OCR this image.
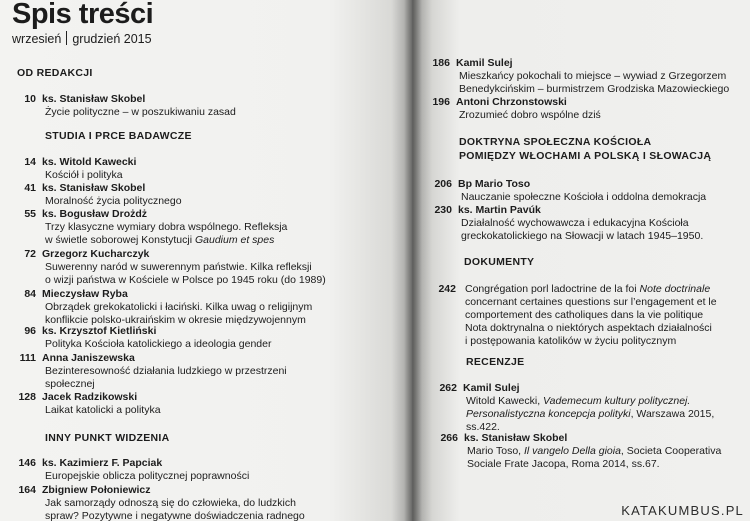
Spis treści
wrzesień grudzień 2015
OD REDAKCJI
10 ks. Stanisław Skobel
Życie polityczne – w poszukiwaniu zasad
STUDIA I PRCE BADAWCZE
14 ks. Witold Kawecki
Kościół i polityka
41 ks. Stanisław Skobel
Moralność życia politycznego
55 ks. Bogusław Drożdż
Trzy klasyczne wymiary dobra wspólnego. Refleksja
w świetle soborowej Konstytucji Gaudium et spes
72 Grzegorz Kucharczyk
Suwerenny naród w suwerennym państwie. Kilka refleksji
o wizji państwa w Kościele w Polsce po 1945 roku (do 1989)
84 Mieczysław Ryba
Obrządek grekokatolicki i łaciński. Kilka uwag o religijnym
konflikcie polsko-ukraińskim w okresie międzywojennym
96 ks. Krzysztof Kietliński
Polityka Kościoła katolickiego a ideologia gender
111 Anna Janiszewska
Bezinteresowność działania ludzkiego w przestrzeni
społecznej
128 Jacek Radzikowski
Laikat katolicki a polityka
INNY PUNKT WIDZENIA
146 ks. Kazimierz F. Papciak
Europejskie oblicza politycznej poprawności
164 Zbigniew Połoniewicz
Jak samorządy odnoszą się do człowieka, do ludzkich
spraw? Pozytywne i negatywne doświadczenia radnego
186 Kamil Sulej
Mieszkańcy pokochali to miejsce – wywiad z Grzegorzem
Benedykcińskim – burmistrzem Grodziska Mazowieckiego
196 Antoni Chrzonstowski
Zrozumieć dobro wspólne dziś
DOKTRYNA SPOŁECZNA KOŚCIOŁA
POMIĘDZY WŁOCHAMI A POLSKĄ I SŁOWACJĄ
206 Bp Mario Toso
Nauczanie społeczne Kościoła i oddolna demokracja
230 ks. Martin Pavúk
Działalność wychowawcza i edukacyjna Kościoła
greckokatolickiego na Słowacji w latach 1945–1950.
DOKUMENTY
242 Congrégation porl ladoctrine de la foi Note doctrinale
concernant certaines questions sur l’engagement et le
comportement des catholiques dans la vie politique
Nota doktrynalna o niektórych aspektach działalności
i postępowania katolików w życiu politycznym
RECENZJE
262 Kamil Sulej
Witold Kawecki, Vademecum kultury politycznej.
Personalistyczna koncepcja polityki, Warszawa 2015,
ss.422.
266 ks. Stanisław Skobel
Mario Toso, Il vangelo Della gioia, Societa Cooperativa
Sociale Frate Jacopa, Roma 2014, ss.67.
KATAKUMBUS.PL
